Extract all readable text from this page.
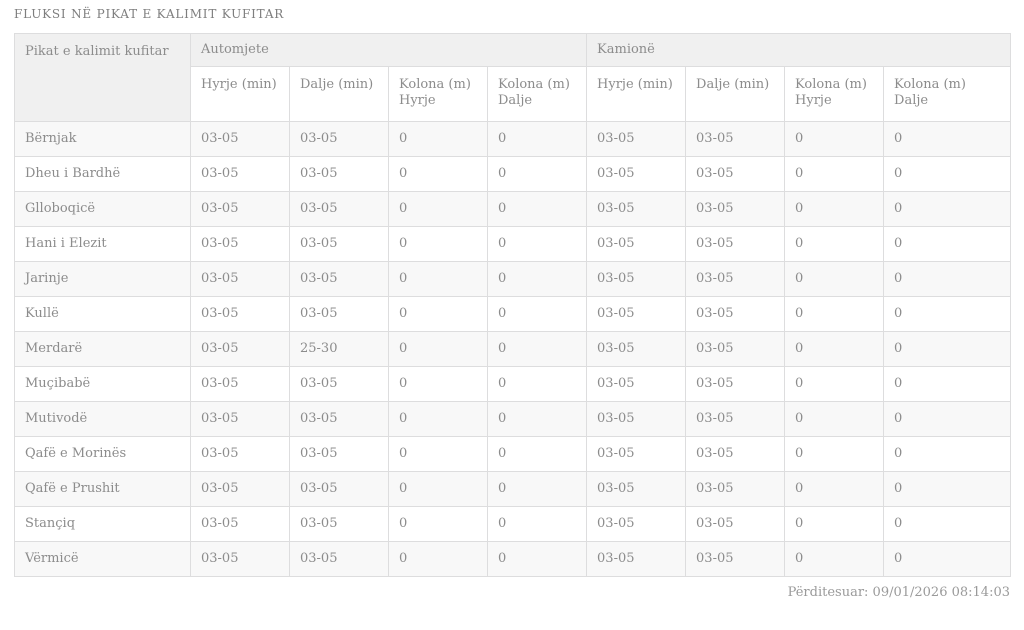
FLUKSI NË PIKAT E KALIMIT KUFITAR
Pikat e kalimit kufitar	Automjete				Kamionë			
	Hyrje (min)	Dalje (min)	Kolona (m) Hyrje	Kolona (m) Dalje	Hyrje (min)	Dalje (min)	Kolona (m) Hyrje	Kolona (m) Dalje
Bërnjak	03-05	03-05	0	0	03-05	03-05	0	0
Dheu i Bardhë	03-05	03-05	0	0	03-05	03-05	0	0
Glloboqicë	03-05	03-05	0	0	03-05	03-05	0	0
Hani i Elezit	03-05	03-05	0	0	03-05	03-05	0	0
Jarinje	03-05	03-05	0	0	03-05	03-05	0	0
Kullë	03-05	03-05	0	0	03-05	03-05	0	0
Merdarë	03-05	25-30	0	0	03-05	03-05	0	0
Muçibabë	03-05	03-05	0	0	03-05	03-05	0	0
Mutivodë	03-05	03-05	0	0	03-05	03-05	0	0
Qafë e Morinës	03-05	03-05	0	0	03-05	03-05	0	0
Qafë e Prushit	03-05	03-05	0	0	03-05	03-05	0	0
Stançiq	03-05	03-05	0	0	03-05	03-05	0	0
Vërmicë	03-05	03-05	0	0	03-05	03-05	0	0
Përditesuar: 09/01/2026 08:14:03
